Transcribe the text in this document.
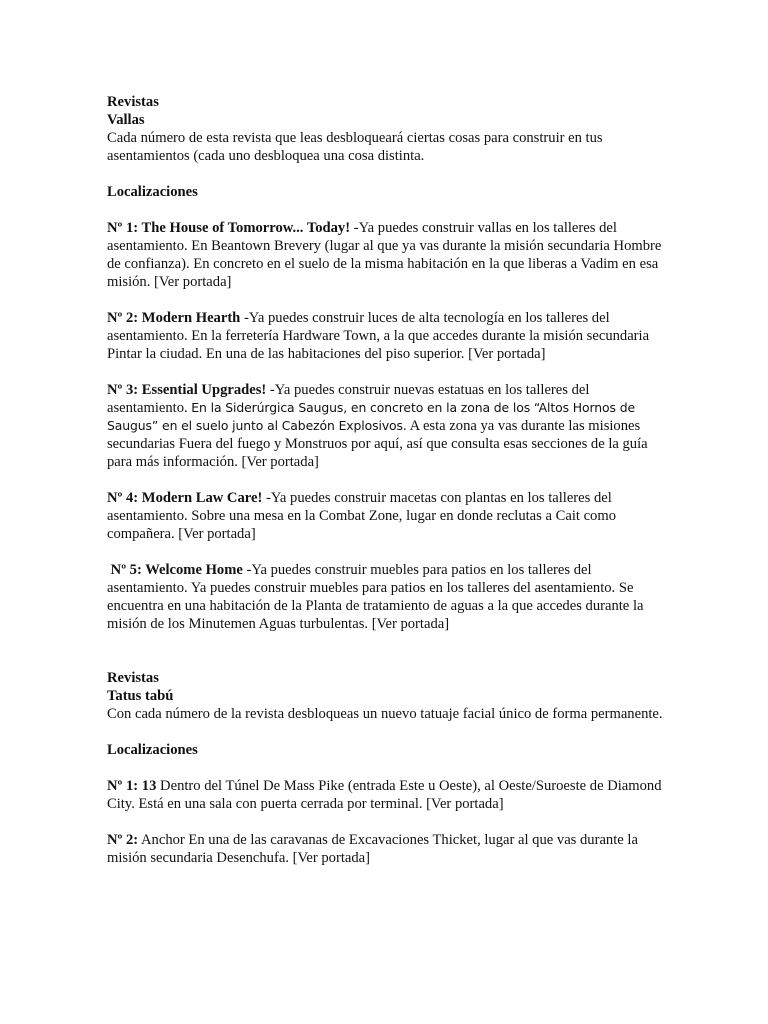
Revistas

Vallas

Cada número de esta revista que leas desbloqueará ciertas cosas para construir en tus asentamientos (cada uno desbloquea una cosa distinta.

Localizaciones

Nº 1: The House of Tomorrow... Today! -Ya puedes construir vallas en los talleres del asentamiento. En Beantown Brevery (lugar al que ya vas durante la misión secundaria Hombre de confianza). En concreto en el suelo de la misma habitación en la que liberas a Vadim en esa misión. [Ver portada]

Nº 2: Modern Hearth -Ya puedes construir luces de alta tecnología en los talleres del asentamiento. En la ferretería Hardware Town, a la que accedes durante la misión secundaria Pintar la ciudad. En una de las habitaciones del piso superior. [Ver portada]

Nº 3: Essential Upgrades! -Ya puedes construir nuevas estatuas en los talleres del asentamiento. En la Siderúrgica Saugus, en concreto en la zona de los “Altos Hornos de Saugus” en el suelo junto al Cabezón Explosivos. A esta zona ya vas durante las misiones secundarias Fuera del fuego y Monstruos por aquí, así que consulta esas secciones de la guía para más información. [Ver portada]

Nº 4: Modern Law Care! -Ya puedes construir macetas con plantas en los talleres del asentamiento. Sobre una mesa en la Combat Zone, lugar en donde reclutas a Cait como compañera. [Ver portada]

Nº 5: Welcome Home -Ya puedes construir muebles para patios en los talleres del asentamiento. Ya puedes construir muebles para patios en los talleres del asentamiento. Se encuentra en una habitación de la Planta de tratamiento de aguas a la que accedes durante la misión de los Minutemen Aguas turbulentas. [Ver portada]

Revistas

Tatus tabú

Con cada número de la revista desbloqueas un nuevo tatuaje facial único de forma permanente.

Localizaciones

Nº 1: 13 Dentro del Túnel De Mass Pike (entrada Este u Oeste), al Oeste/Suroeste de Diamond City. Está en una sala con puerta cerrada por terminal. [Ver portada]

Nº 2: Anchor En una de las caravanas de Excavaciones Thicket, lugar al que vas durante la misión secundaria Desenchufa. [Ver portada]
